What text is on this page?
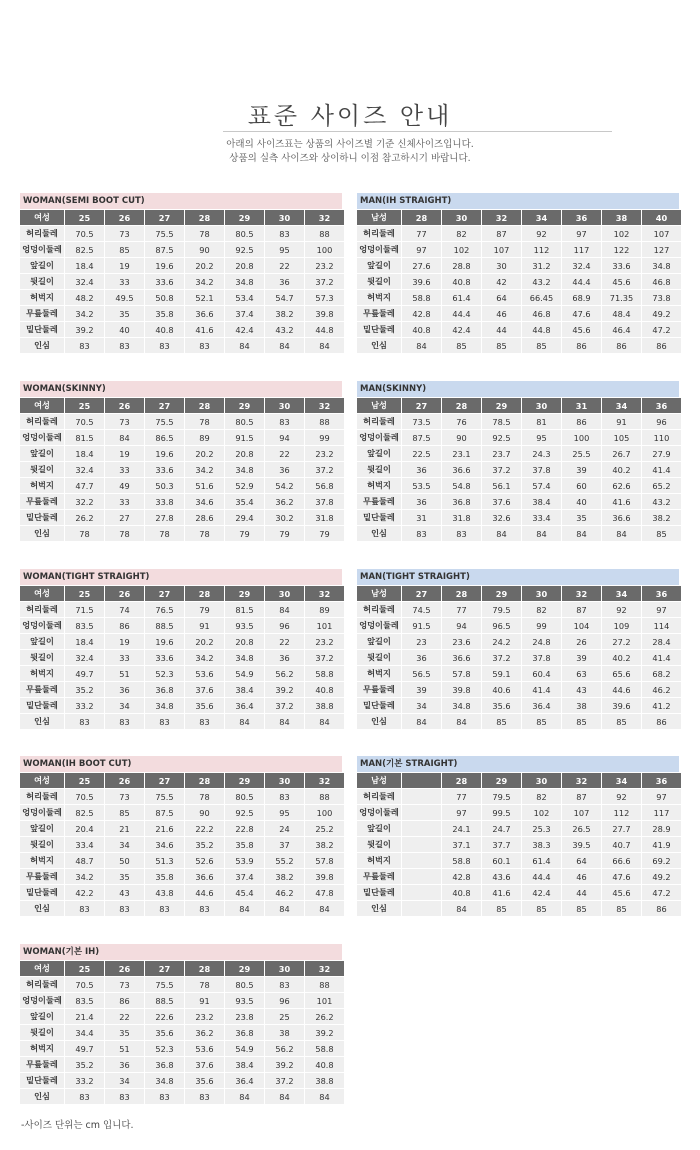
표준 사이즈 안내
아래의 사이즈표는 상품의 사이즈별 기준 신체사이즈입니다.
상품의 실측 사이즈와 상이하니 이점 참고하시기 바랍니다.
WOMAN(SEMI BOOT CUT)
여성	25	26	27	28	29	30	32
허리둘레	70.5	73	75.5	78	80.5	83	88
엉덩이둘레	82.5	85	87.5	90	92.5	95	100
앞길이	18.4	19	19.6	20.2	20.8	22	23.2
뒷길이	32.4	33	33.6	34.2	34.8	36	37.2
허벅지	48.2	49.5	50.8	52.1	53.4	54.7	57.3
무릎둘레	34.2	35	35.8	36.6	37.4	38.2	39.8
밑단둘레	39.2	40	40.8	41.6	42.4	43.2	44.8
인심	83	83	83	83	84	84	84
MAN(IH STRAIGHT)
남성	28	30	32	34	36	38	40
허리둘레	77	82	87	92	97	102	107
엉덩이둘레	97	102	107	112	117	122	127
앞길이	27.6	28.8	30	31.2	32.4	33.6	34.8
뒷길이	39.6	40.8	42	43.2	44.4	45.6	46.8
허벅지	58.8	61.4	64	66.45	68.9	71.35	73.8
무릎둘레	42.8	44.4	46	46.8	47.6	48.4	49.2
밑단둘레	40.8	42.4	44	44.8	45.6	46.4	47.2
인심	84	85	85	85	86	86	86
WOMAN(SKINNY)
여성	25	26	27	28	29	30	32
허리둘레	70.5	73	75.5	78	80.5	83	88
엉덩이둘레	81.5	84	86.5	89	91.5	94	99
앞길이	18.4	19	19.6	20.2	20.8	22	23.2
뒷길이	32.4	33	33.6	34.2	34.8	36	37.2
허벅지	47.7	49	50.3	51.6	52.9	54.2	56.8
무릎둘레	32.2	33	33.8	34.6	35.4	36.2	37.8
밑단둘레	26.2	27	27.8	28.6	29.4	30.2	31.8
인심	78	78	78	78	79	79	79
MAN(SKINNY)
남성	27	28	29	30	31	34	36
허리둘레	73.5	76	78.5	81	86	91	96
엉덩이둘레	87.5	90	92.5	95	100	105	110
앞길이	22.5	23.1	23.7	24.3	25.5	26.7	27.9
뒷길이	36	36.6	37.2	37.8	39	40.2	41.4
허벅지	53.5	54.8	56.1	57.4	60	62.6	65.2
무릎둘레	36	36.8	37.6	38.4	40	41.6	43.2
밑단둘레	31	31.8	32.6	33.4	35	36.6	38.2
인심	83	83	84	84	84	84	85
WOMAN(TIGHT STRAIGHT)
여성	25	26	27	28	29	30	32
허리둘레	71.5	74	76.5	79	81.5	84	89
엉덩이둘레	83.5	86	88.5	91	93.5	96	101
앞길이	18.4	19	19.6	20.2	20.8	22	23.2
뒷길이	32.4	33	33.6	34.2	34.8	36	37.2
허벅지	49.7	51	52.3	53.6	54.9	56.2	58.8
무릎둘레	35.2	36	36.8	37.6	38.4	39.2	40.8
밑단둘레	33.2	34	34.8	35.6	36.4	37.2	38.8
인심	83	83	83	83	84	84	84
MAN(TIGHT STRAIGHT)
남성	27	28	29	30	32	34	36
허리둘레	74.5	77	79.5	82	87	92	97
엉덩이둘레	91.5	94	96.5	99	104	109	114
앞길이	23	23.6	24.2	24.8	26	27.2	28.4
뒷길이	36	36.6	37.2	37.8	39	40.2	41.4
허벅지	56.5	57.8	59.1	60.4	63	65.6	68.2
무릎둘레	39	39.8	40.6	41.4	43	44.6	46.2
밑단둘레	34	34.8	35.6	36.4	38	39.6	41.2
인심	84	84	85	85	85	85	86
WOMAN(IH BOOT CUT)
여성	25	26	27	28	29	30	32
허리둘레	70.5	73	75.5	78	80.5	83	88
엉덩이둘레	82.5	85	87.5	90	92.5	95	100
앞길이	20.4	21	21.6	22.2	22.8	24	25.2
뒷길이	33.4	34	34.6	35.2	35.8	37	38.2
허벅지	48.7	50	51.3	52.6	53.9	55.2	57.8
무릎둘레	34.2	35	35.8	36.6	37.4	38.2	39.8
밑단둘레	42.2	43	43.8	44.6	45.4	46.2	47.8
인심	83	83	83	83	84	84	84
MAN(기본 STRAIGHT)
남성		28	29	30	32	34	36
허리둘레		77	79.5	82	87	92	97
엉덩이둘레		97	99.5	102	107	112	117
앞길이		24.1	24.7	25.3	26.5	27.7	28.9
뒷길이		37.1	37.7	38.3	39.5	40.7	41.9
허벅지		58.8	60.1	61.4	64	66.6	69.2
무릎둘레		42.8	43.6	44.4	46	47.6	49.2
밑단둘레		40.8	41.6	42.4	44	45.6	47.2
인심		84	85	85	85	85	86
WOMAN(기본 IH)
여성	25	26	27	28	29	30	32
허리둘레	70.5	73	75.5	78	80.5	83	88
엉덩이둘레	83.5	86	88.5	91	93.5	96	101
앞길이	21.4	22	22.6	23.2	23.8	25	26.2
뒷길이	34.4	35	35.6	36.2	36.8	38	39.2
허벅지	49.7	51	52.3	53.6	54.9	56.2	58.8
무릎둘레	35.2	36	36.8	37.6	38.4	39.2	40.8
밑단둘레	33.2	34	34.8	35.6	36.4	37.2	38.8
인심	83	83	83	83	84	84	84
-사이즈 단위는 cm 입니다.
